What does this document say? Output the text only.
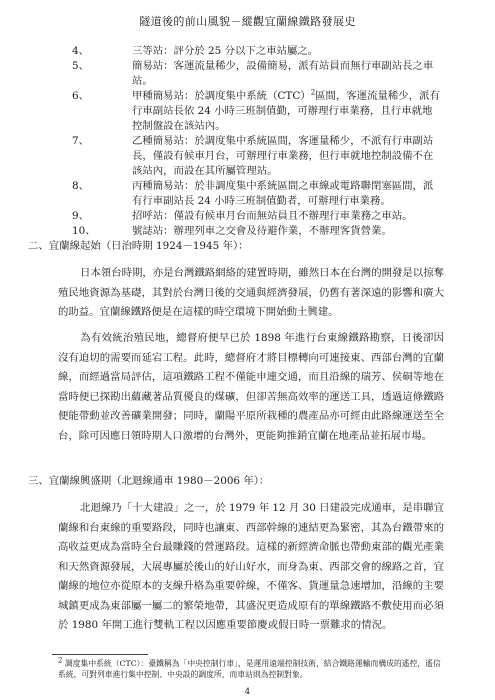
隧道後的前山風貌－縱觀宜蘭線鐵路發展史
4、	三等站：評分於 25 分以下之車站屬之。
5、	簡易站：客運流量稀少，設備簡易，派有站員而無行車副站長之車站。
6、	甲種簡易站：於調度集中系統（CTC）$^2$區間，客運流量稀少，派有行車副站長依 24 小時三班制值勤，可辦理行車業務，且行車就地控制盤設在該站內。
7、	乙種簡易站：於調度集中系統區間，客運量稀少，不派有行車副站長，僅設有候車月台，可辦理行車業務，但行車就地控制設備不在該站內，而設在其所屬管理站。
8、	丙種簡易站：於非調度集中系統區間之車線或電路聯閉塞區間，派有行車副站長 24 小時三班制值勤者，可辦理行車業務。
9、	招呼站：僅設有候車月台而無站員且不辦理行車業務之車站。
10、	號誌站：辦理列車之交會及待避作業，不辦理客貨營業。
二、宜蘭線起始（日治時期 1924－1945 年）：
日本領台時期，亦是台灣鐵路網絡的建置時期，雖然日本在台灣的開發是以掠奪殖民地資源為基礎，其對於台灣日後的交通與經濟發展，仍舊有著深遠的影響和廣大的助益。宜蘭線鐵路便是在這樣的時空環境下開始動土興建。
為有效統治殖民地，總督府便早已於 1898 年進行台東線鐵路勘察，日後卻因沒有迫切的需要而延宕工程。此時，總督府才將目標轉向可連接東、西部台灣的宜蘭線，而經過當局評估，這項鐵路工程不僅能申連交通，而且沿線的瑞芳、侯硐等地在當時便已探勘出蘊藏著品質優良的煤礦，但卻苦無高效率的運送工具，透過這條鐵路便能帶動並改善礦業開發；同時，蘭陽平原所栽種的農產品亦可經由此路線運送至全台，除可因應日領時期人口激增的台灣外，更能夠推銷宜蘭在地產品並拓展市場。
三、宜蘭線興盛期（北迴線通車 1980－2006 年）：
北迴線乃「十大建設」之一，於 1979 年 12 月 30 日建設完成通車，是串聯宜蘭線和台東線的重要路段，同時也讓東、西部幹線的連結更為緊密，其為台鐵帶來的高收益更成為當時全台最賺錢的營運路段。這樣的新經濟命脈也帶動東部的觀光產業和天然資源發展，大展專屬於後山的好山好水，而身為東、西部交會的線路之首，宜蘭線的地位亦從原本的支線升格為重要幹線，不僅客、貨運量急速增加，沿線的主要城鎮更成為東部屬一屬二的繁榮地帶，其盛況更造成原有的單線鐵路不敷使用而必須於 1980 年開工進行雙軌工程以因應重要節慶或假日時一票難求的情況。
2 調度集中系統（CTC）：臺鐵稱為「中央控制行車」，是運用遠端控制技術，結合鐵路運輸而構成的遙控，遙信系統，可對列車進行集中控制、中央設的調度所，而車站則為控制對象。
4
